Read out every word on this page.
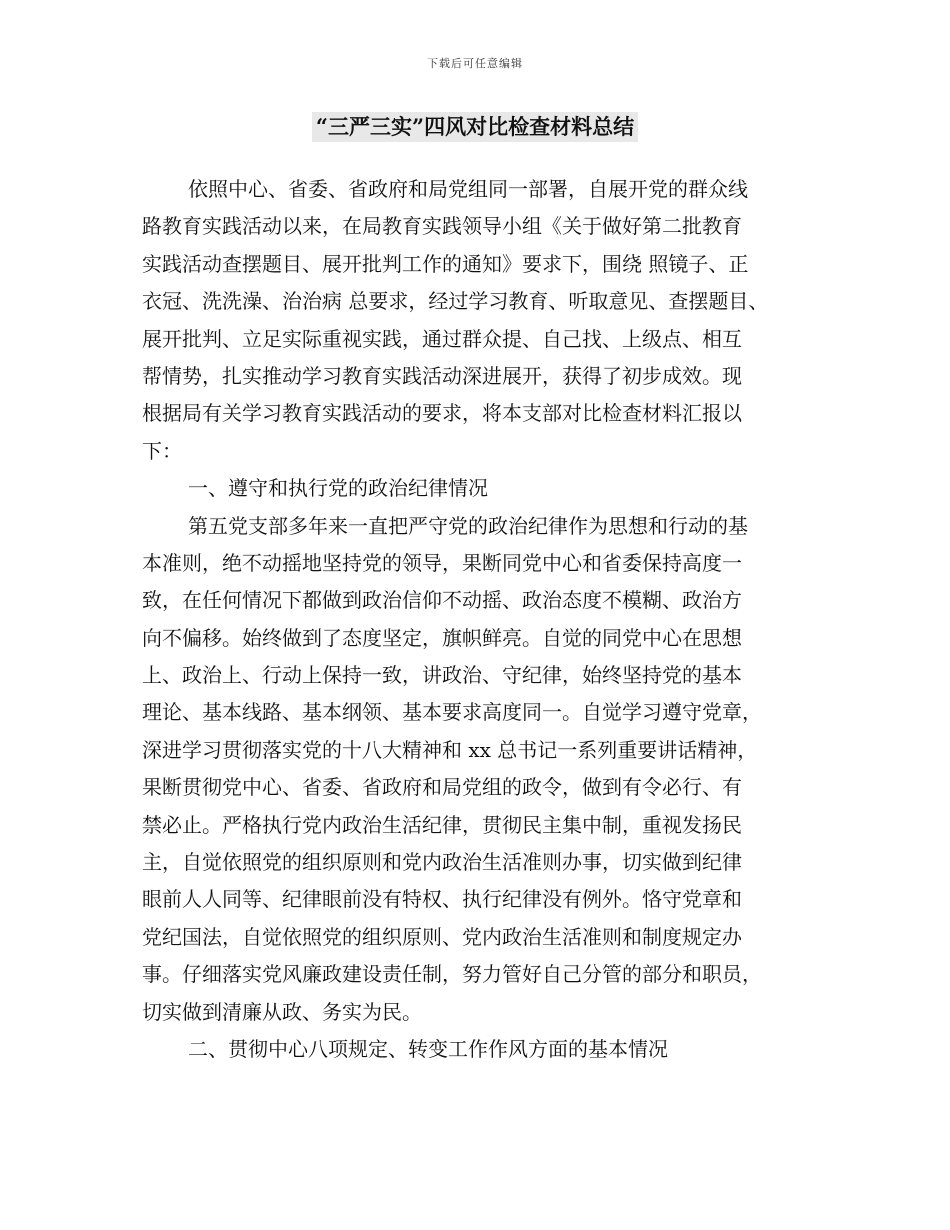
下载后可任意编辑
“三严三实”四风对比检查材料总结
依照中心、省委、省政府和局党组同一部署，自展开党的群众线
路教育实践活动以来，在局教育实践领导小组《关于做好第二批教育
实践活动查摆题目、展开批判工作的通知》要求下，围绕 照镜子、正
衣冠、洗洗澡、治治病 总要求，经过学习教育、听取意见、查摆题目、
展开批判、立足实际重视实践，通过群众提、自己找、上级点、相互
帮情势，扎实推动学习教育实践活动深进展开，获得了初步成效。现
根据局有关学习教育实践活动的要求，将本支部对比检查材料汇报以
下：
一、遵守和执行党的政治纪律情况
第五党支部多年来一直把严守党的政治纪律作为思想和行动的基
本准则，绝不动摇地坚持党的领导，果断同党中心和省委保持高度一
致，在任何情况下都做到政治信仰不动摇、政治态度不模糊、政治方
向不偏移。始终做到了态度坚定，旗帜鲜亮。自觉的同党中心在思想
上、政治上、行动上保持一致，讲政治、守纪律，始终坚持党的基本
理论、基本线路、基本纲领、基本要求高度同一。自觉学习遵守党章，
深进学习贯彻落实党的十八大精神和 xx 总书记一系列重要讲话精神，
果断贯彻党中心、省委、省政府和局党组的政令，做到有令必行、有
禁必止。严格执行党内政治生活纪律，贯彻民主集中制，重视发扬民
主，自觉依照党的组织原则和党内政治生活准则办事，切实做到纪律
眼前人人同等、纪律眼前没有特权、执行纪律没有例外。恪守党章和
党纪国法，自觉依照党的组织原则、党内政治生活准则和制度规定办
事。仔细落实党风廉政建设责任制，努力管好自己分管的部分和职员，
切实做到清廉从政、务实为民。
二、贯彻中心八项规定、转变工作作风方面的基本情况
